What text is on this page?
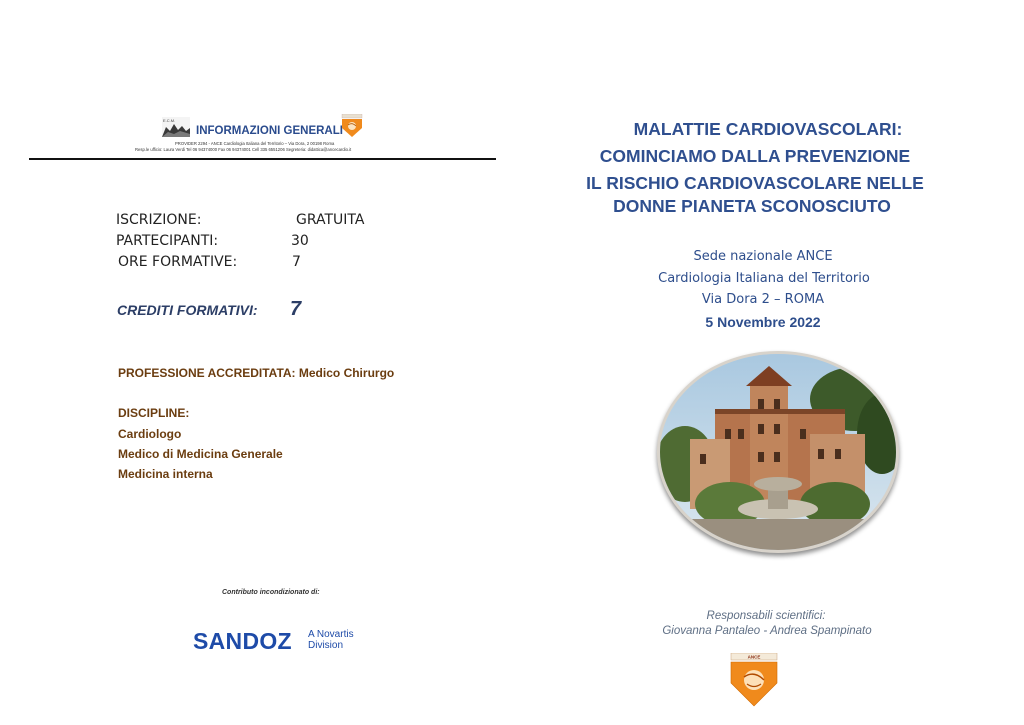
E.C.M.
INFORMAZIONI GENERALI
PROVIDER 2294 - ANCE Cardiologia Italiana del Territorio – Via Dora, 2 00198 Roma
Resp.le ufficio: Laura Verdi Tel 06 94374000 Fax 06 94374001 Cell 335 6551206 Segreteria: didattica@ancecardio.it
ISCRIZIONE:	GRATUITA
PARTECIPANTI:	30
ORE FORMATIVE:	7
CREDITI FORMATIVI: 7
PROFESSIONE ACCREDITATA: Medico Chirurgo
DISCIPLINE:
Cardiologo
Medico di Medicina Generale
Medicina interna
Contributo incondizionato di:
SANDOZ A Novartis
Division
MALATTIE CARDIOVASCOLARI:
COMINCIAMO DALLA PREVENZIONE
IL RISCHIO CARDIOVASCOLARE NELLE
DONNE PIANETA SCONOSCIUTO
Sede nazionale ANCE
Cardiologia Italiana del Territorio
Via Dora 2 – ROMA
5 Novembre 2022
Responsabili scientifici:
Giovanna Pantaleo - Andrea Spampinato
ANCE
